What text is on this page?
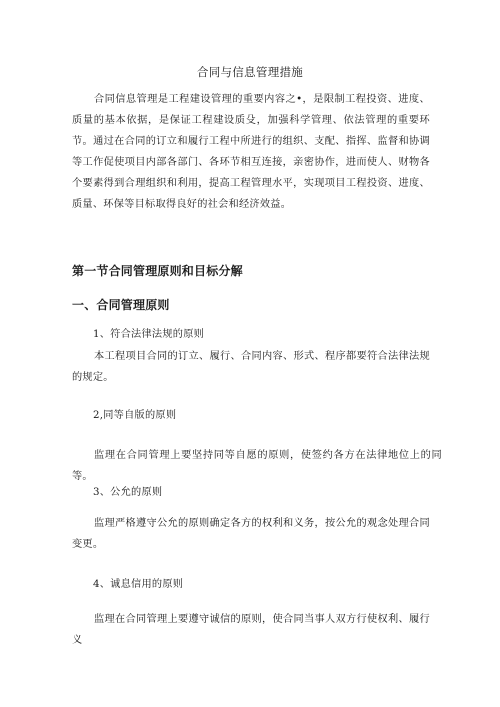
合同与信息管理措施

合同信息管理是工程建设管理的重要内容之•，是限制工程投资、进度、质量的基本依据，是保证工程建设质殳，加强科学管理、依法管理的重要环节。通过在合同的订立和履行工程中所进行的组织、支配、指挥、监督和协调等工作促使项目内部各部门、各环节相互连接，亲密协作，进而使人、财物各个要素得到合理组织和利用，提高工程管理水平，实现项目工程投资、进度、质量、环保等目标取得良好的社会和经济效益。

第一节合同管理原则和目标分解
一、合同管理原则
1、符合法律法规的原则

本工程项目合同的订立、履行、合同内容、形式、程序都要符合法律法规的规定。

2,同等自版的原则

监理在合同管理上要坚持同等自愿的原则，使签约各方在法律地位上的同等。

3、公允的原则

监理严格遵守公允的原则确定各方的权利和义务，按公允的观念处理合同变更。

4、诚息信用的原则

监理在合同管理上要遵守诚信的原则，使合同当事人双方行使权利、履行义
